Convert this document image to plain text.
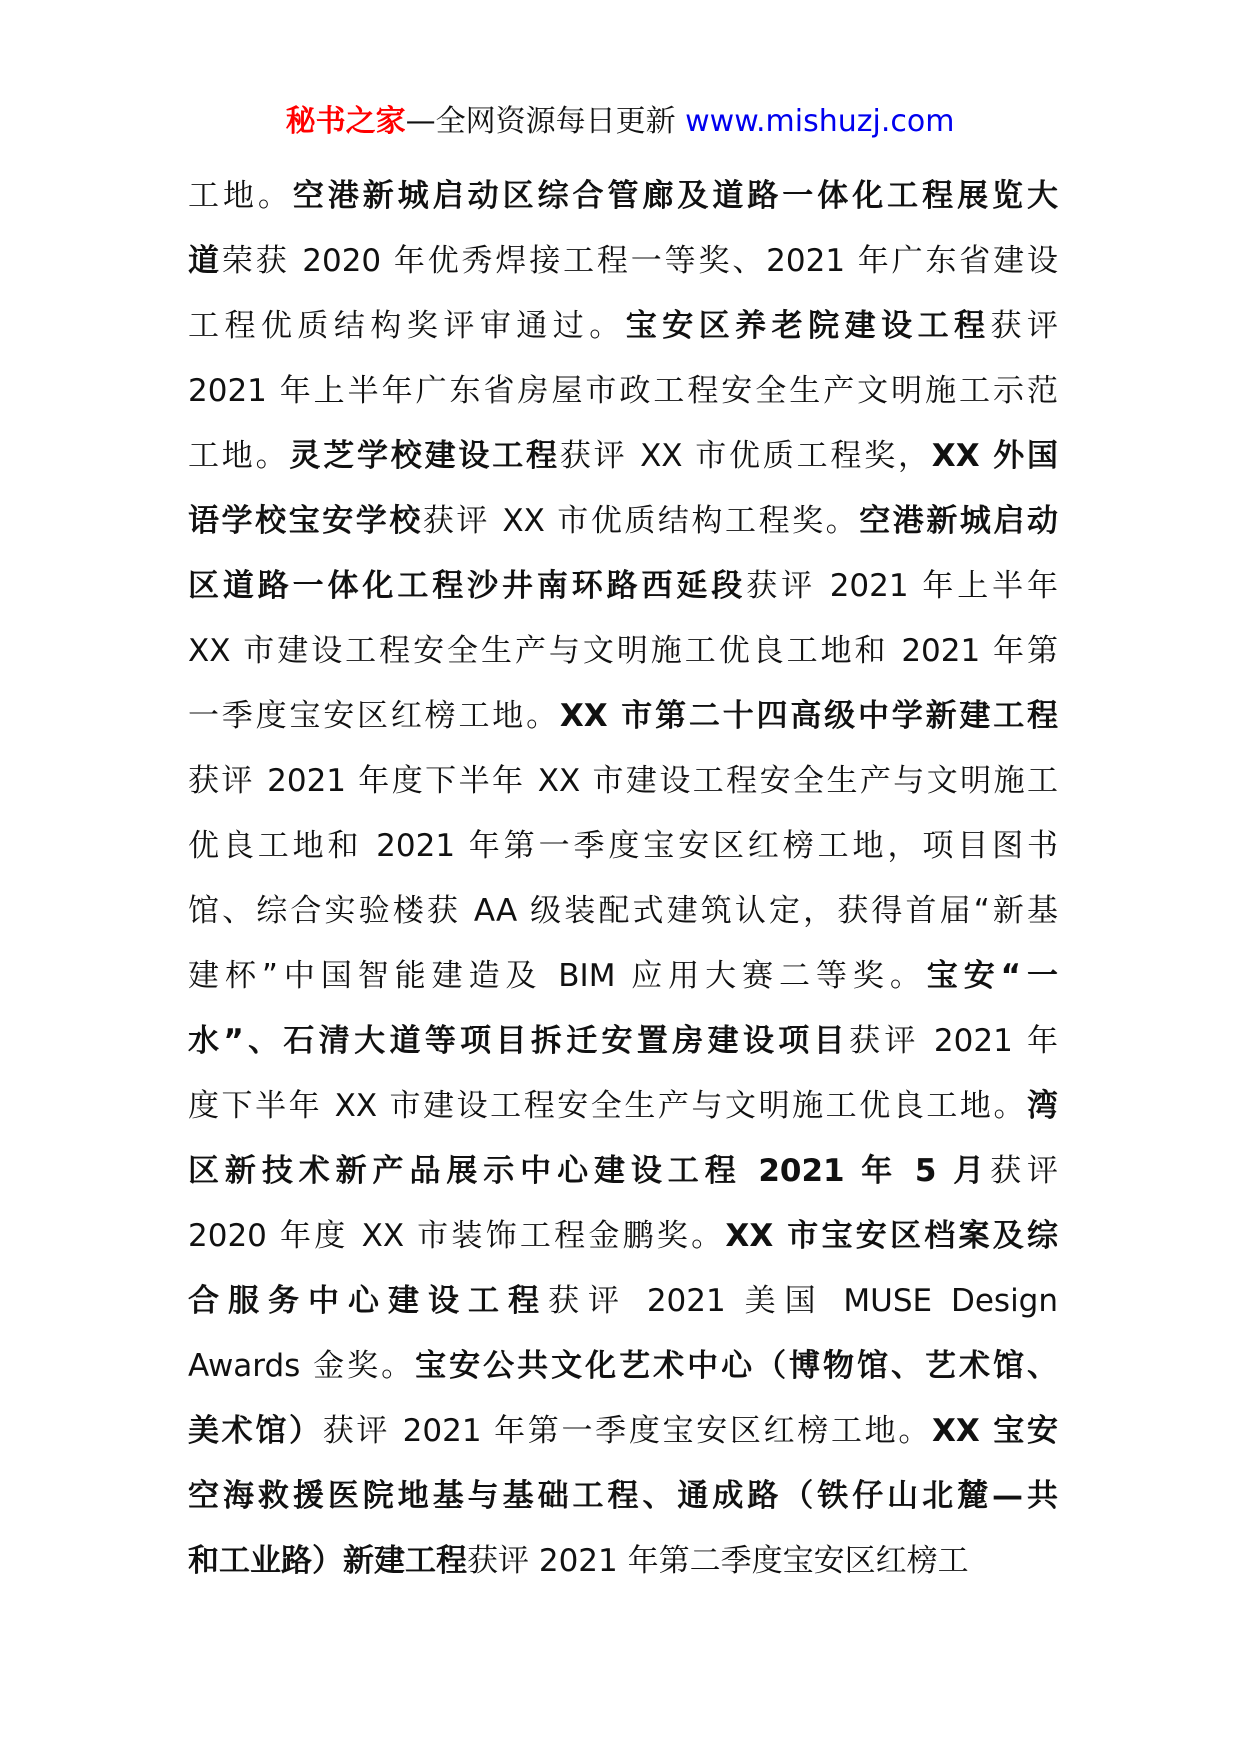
秘书之家—全网资源每日更新 www.mishuzj.com
工地。空港新城启动区综合管廊及道路一体化工程展览大
道荣获 2020 年优秀焊接工程一等奖、2021 年广东省建设
工程优质结构奖评审通过。宝安区养老院建设工程获评
2021 年上半年广东省房屋市政工程安全生产文明施工示范
工地。灵芝学校建设工程获评 XX 市优质工程奖，XX 外国
语学校宝安学校获评 XX 市优质结构工程奖。空港新城启动
区道路一体化工程沙井南环路西延段获评 2021 年上半年
XX 市建设工程安全生产与文明施工优良工地和 2021 年第
一季度宝安区红榜工地。XX 市第二十四高级中学新建工程
获评 2021 年度下半年 XX 市建设工程安全生产与文明施工
优良工地和 2021 年第一季度宝安区红榜工地，项目图书
馆、综合实验楼获 AA 级装配式建筑认定，获得首届“新基
建杯”中国智能建造及 BIM 应用大赛二等奖。宝安“一
水”、石清大道等项目拆迁安置房建设项目获评 2021 年
度下半年 XX 市建设工程安全生产与文明施工优良工地。湾
区新技术新产品展示中心建设工程 2021 年 5 月获评
2020 年度 XX 市装饰工程金鹏奖。XX 市宝安区档案及综
合服务中心建设工程获评 2021 美国 MUSE Design
Awards 金奖。宝安公共文化艺术中心（博物馆、艺术馆、
美术馆）获评 2021 年第一季度宝安区红榜工地。XX 宝安
空海救援医院地基与基础工程、通成路（铁仔山北麓—共
和工业路）新建工程获评 2021 年第二季度宝安区红榜工
